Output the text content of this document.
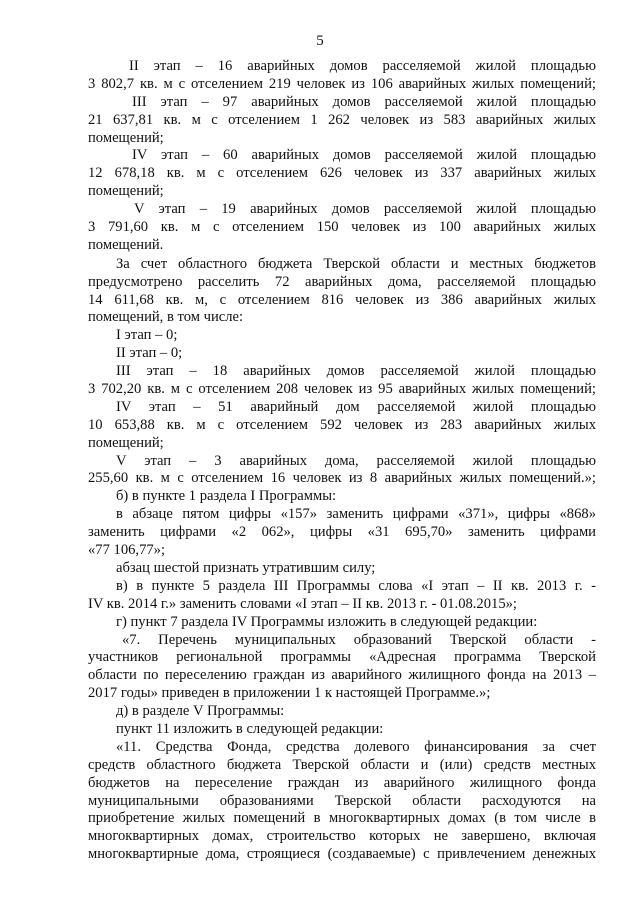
5
II этап – 16 аварийных домов расселяемой жилой площадью
3 802,7 кв. м с отселением 219 человек из 106 аварийных жилых помещений;
III этап – 97 аварийных домов расселяемой жилой площадью
21 637,81 кв. м с отселением 1 262 человек из 583 аварийных жилых
помещений;
IV этап – 60 аварийных домов расселяемой жилой площадью
12 678,18 кв. м с отселением 626 человек из 337 аварийных жилых
помещений;
V этап – 19 аварийных домов расселяемой жилой площадью
3 791,60 кв. м с отселением 150 человек из 100 аварийных жилых
помещений.
За счет областного бюджета Тверской области и местных бюджетов
предусмотрено расселить 72 аварийных дома, расселяемой площадью
14 611,68 кв. м, с отселением 816 человек из 386 аварийных жилых
помещений, в том числе:
I этап – 0;
II этап – 0;
III этап – 18 аварийных домов расселяемой жилой площадью
3 702,20 кв. м с отселением 208 человек из 95 аварийных жилых помещений;
IV этап – 51 аварийный дом расселяемой жилой площадью
10 653,88 кв. м с отселением 592 человек из 283 аварийных жилых
помещений;
V этап – 3 аварийных дома, расселяемой жилой площадью
255,60 кв. м с отселением 16 человек из 8 аварийных жилых помещений.»;
б) в пункте 1 раздела I Программы:
в абзаце пятом цифры «157» заменить цифрами «371», цифры «868»
заменить цифрами «2 062», цифры «31 695,70» заменить цифрами
«77 106,77»;
абзац шестой признать утратившим силу;
в) в пункте 5 раздела III Программы слова «I этап – II кв. 2013 г. -
IV кв. 2014 г.» заменить словами «I этап – II кв. 2013 г. - 01.08.2015»;
г) пункт 7 раздела IV Программы изложить в следующей редакции:
«7. Перечень муниципальных образований Тверской области -
участников региональной программы «Адресная программа Тверской
области по переселению граждан из аварийного жилищного фонда на 2013 –
2017 годы» приведен в приложении 1 к настоящей Программе.»;
д) в разделе V Программы:
пункт 11 изложить в следующей редакции:
«11. Средства Фонда, средства долевого финансирования за счет
средств областного бюджета Тверской области и (или) средств местных
бюджетов на переселение граждан из аварийного жилищного фонда
муниципальными образованиями Тверской области расходуются на
приобретение жилых помещений в многоквартирных домах (в том числе в
многоквартирных домах, строительство которых не завершено, включая
многоквартирные дома, строящиеся (создаваемые) с привлечением денежных
